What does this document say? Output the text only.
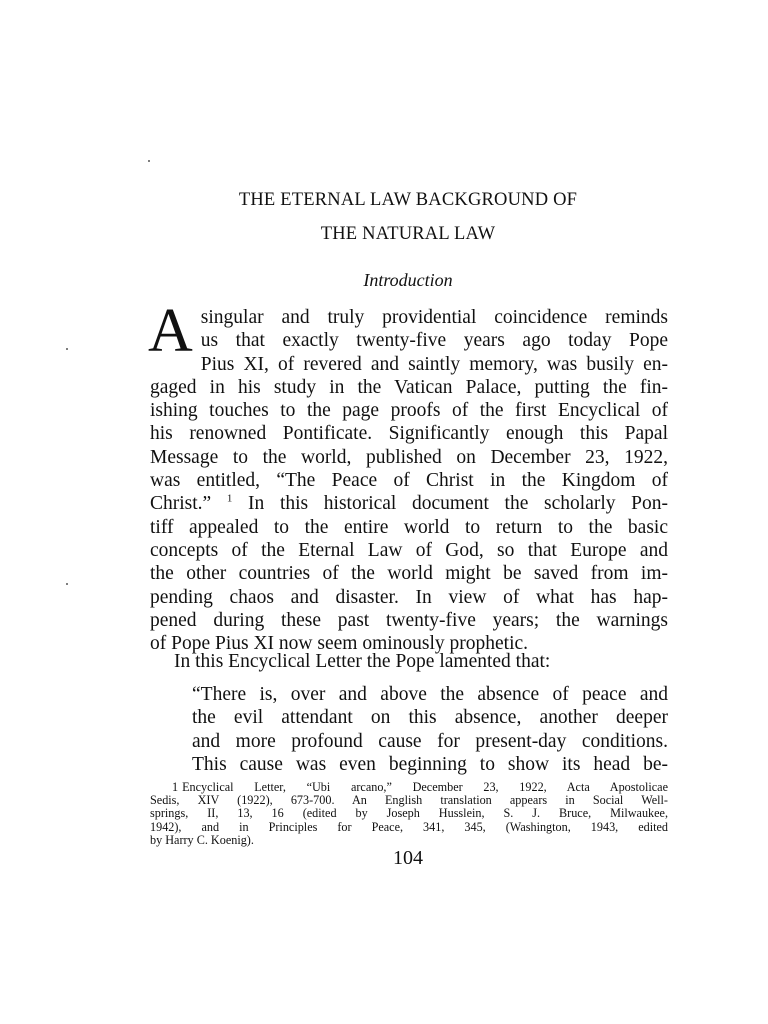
THE ETERNAL LAW BACKGROUND OF
THE NATURAL LAW
Introduction
A singular and truly providential coincidence reminds
us that exactly twenty-five years ago today Pope
Pius XI, of revered and saintly memory, was busily en-
gaged in his study in the Vatican Palace, putting the fin-
ishing touches to the page proofs of the first Encyclical of
his renowned Pontificate. Significantly enough this Papal
Message to the world, published on December 23, 1922,
was entitled, “The Peace of Christ in the Kingdom of
Christ.” $^1$ In this historical document the scholarly Pon-
tiff appealed to the entire world to return to the basic
concepts of the Eternal Law of God, so that Europe and
the other countries of the world might be saved from im-
pending chaos and disaster. In view of what has hap-
pened during these past twenty-five years; the warnings
of Pope Pius XI now seem ominously prophetic.
In this Encyclical Letter the Pope lamented that:
“There is, over and above the absence of peace and
the evil attendant on this absence, another deeper
and more profound cause for present-day conditions.
This cause was even beginning to show its head be-
1 Encyclical Letter, “Ubi arcano,” December 23, 1922, Acta Apostolicae
Sedis, XIV (1922), 673-700. An English translation appears in Social Well-
springs, II, 13, 16 (edited by Joseph Husslein, S. J. Bruce, Milwaukee,
1942), and in Principles for Peace, 341, 345, (Washington, 1943, edited
by Harry C. Koenig).
104
